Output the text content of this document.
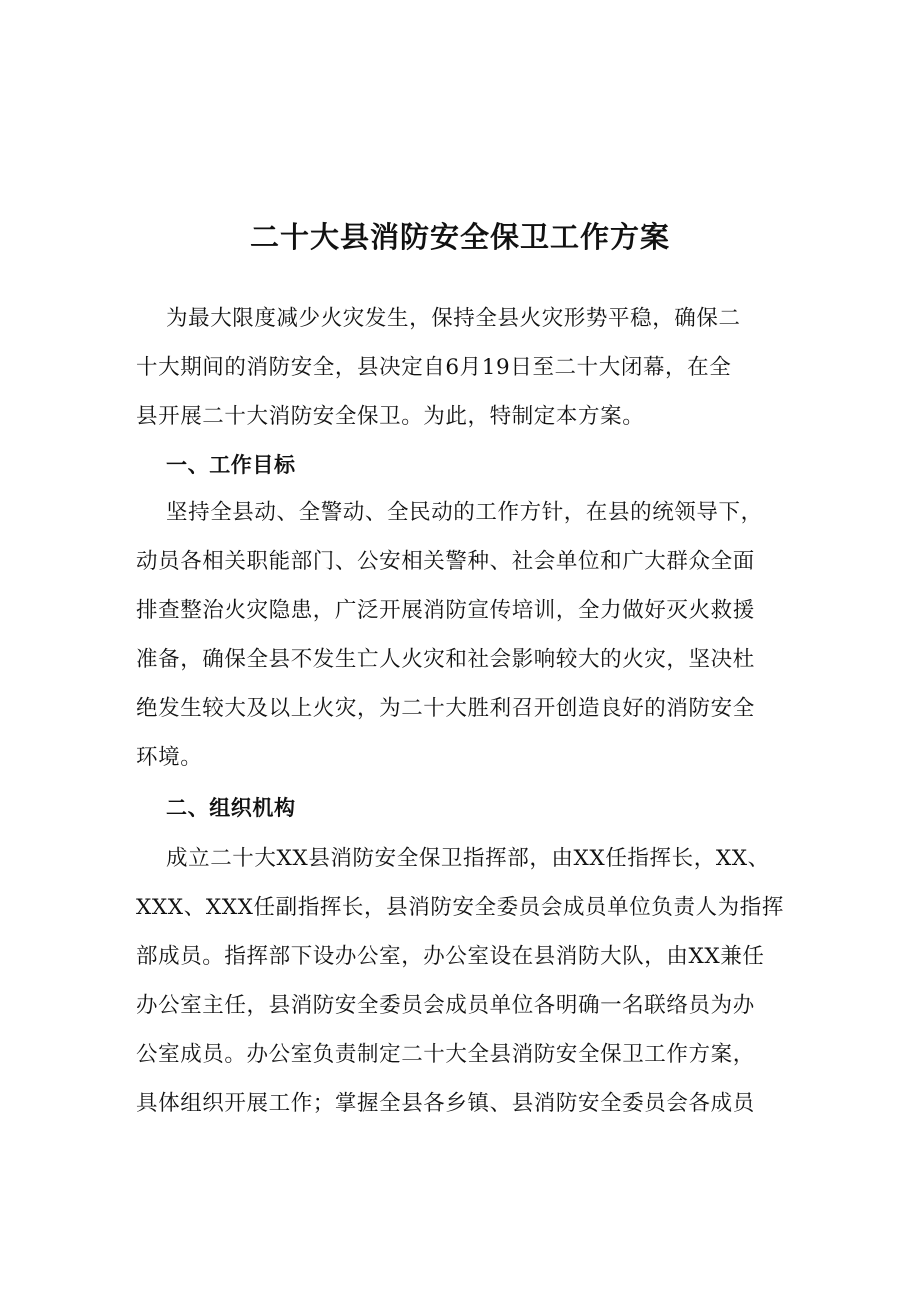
二十大县消防安全保卫工作方案
为最大限度减少火灾发生，保持全县火灾形势平稳，确保二
十大期间的消防安全，县决定自6月19日至二十大闭幕，在全
县开展二十大消防安全保卫。为此，特制定本方案。
一、工作目标
坚持全县动、全警动、全民动的工作方针，在县的统领导下，
动员各相关职能部门、公安相关警种、社会单位和广大群众全面
排查整治火灾隐患，广泛开展消防宣传培训，全力做好灭火救援
准备，确保全县不发生亡人火灾和社会影响较大的火灾，坚决杜
绝发生较大及以上火灾，为二十大胜利召开创造良好的消防安全
环境。
二、组织机构
成立二十大XX县消防安全保卫指挥部，由XX任指挥长，XX、
XXX、XXX任副指挥长，县消防安全委员会成员单位负责人为指挥
部成员。指挥部下设办公室，办公室设在县消防大队，由XX兼任
办公室主任，县消防安全委员会成员单位各明确一名联络员为办
公室成员。办公室负责制定二十大全县消防安全保卫工作方案，
具体组织开展工作；掌握全县各乡镇、县消防安全委员会各成员
